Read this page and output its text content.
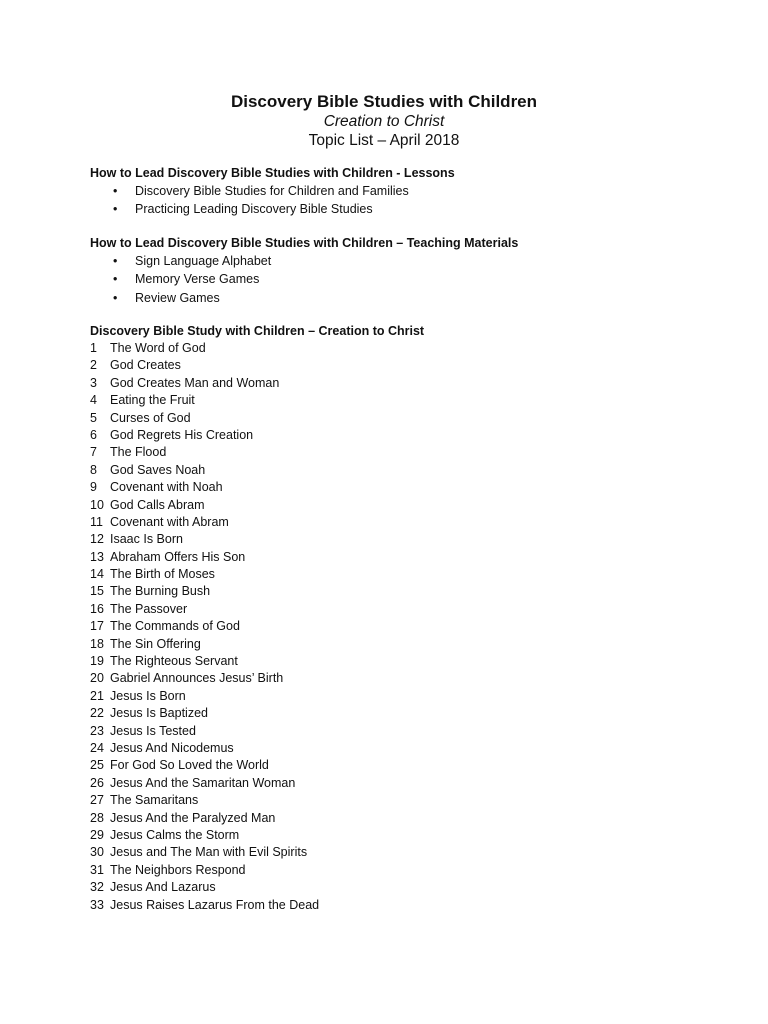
Discovery Bible Studies with Children

Creation to Christ

Topic List – April 2018

How to Lead Discovery Bible Studies with Children - Lessons

• Discovery Bible Studies for Children and Families
• Practicing Leading Discovery Bible Studies

How to Lead Discovery Bible Studies with Children – Teaching Materials

• Sign Language Alphabet
• Memory Verse Games
• Review Games

Discovery Bible Study with Children – Creation to Christ

1 The Word of God
2 God Creates
3 God Creates Man and Woman
4 Eating the Fruit
5 Curses of God
6 God Regrets His Creation
7 The Flood
8 God Saves Noah
9 Covenant with Noah
10 God Calls Abram
11 Covenant with Abram
12 Isaac Is Born
13 Abraham Offers His Son
14 The Birth of Moses
15 The Burning Bush
16 The Passover
17 The Commands of God
18 The Sin Offering
19 The Righteous Servant
20 Gabriel Announces Jesus’ Birth
21 Jesus Is Born
22 Jesus Is Baptized
23 Jesus Is Tested
24 Jesus And Nicodemus
25 For God So Loved the World
26 Jesus And the Samaritan Woman
27 The Samaritans
28 Jesus And the Paralyzed Man
29 Jesus Calms the Storm
30 Jesus and The Man with Evil Spirits
31 The Neighbors Respond
32 Jesus And Lazarus
33 Jesus Raises Lazarus From the Dead
